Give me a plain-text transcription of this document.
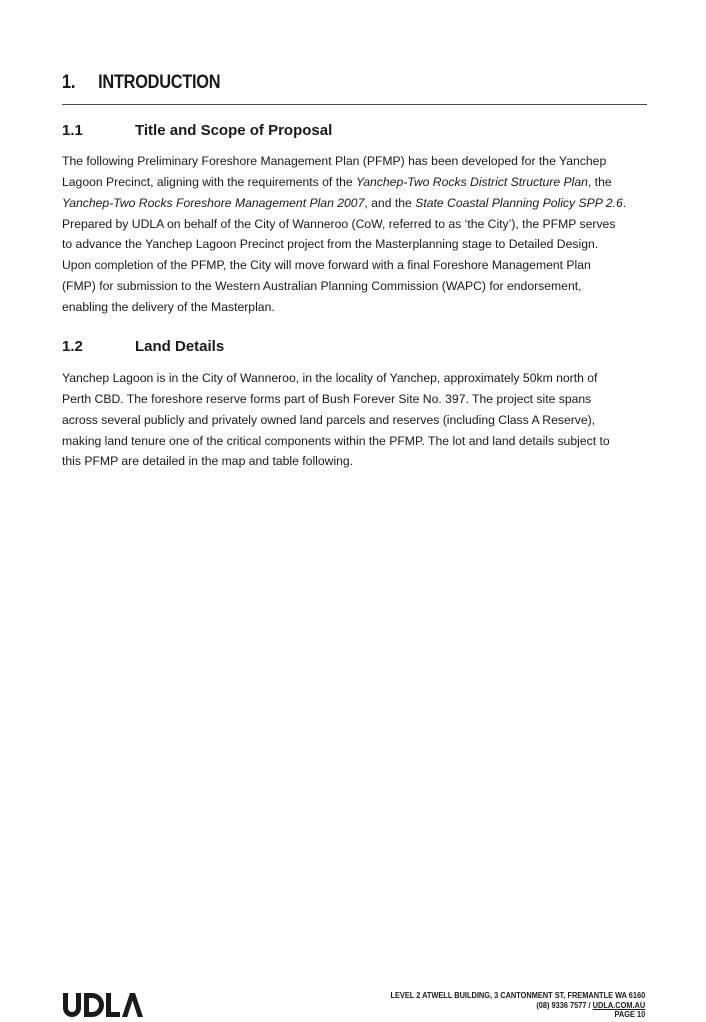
1. INTRODUCTION
1.1	Title and Scope of Proposal
The following Preliminary Foreshore Management Plan (PFMP) has been developed for the Yanchep
Lagoon Precinct, aligning with the requirements of the Yanchep-Two Rocks District Structure Plan, the
Yanchep-Two Rocks Foreshore Management Plan 2007, and the State Coastal Planning Policy SPP 2.6.
Prepared by UDLA on behalf of the City of Wanneroo (CoW, referred to as ‘the City’), the PFMP serves
to advance the Yanchep Lagoon Precinct project from the Masterplanning stage to Detailed Design.
Upon completion of the PFMP, the City will move forward with a final Foreshore Management Plan
(FMP) for submission to the Western Australian Planning Commission (WAPC) for endorsement,
enabling the delivery of the Masterplan.
1.2	Land Details
Yanchep Lagoon is in the City of Wanneroo, in the locality of Yanchep, approximately 50km north of
Perth CBD. The foreshore reserve forms part of Bush Forever Site No. 397. The project site spans
across several publicly and privately owned land parcels and reserves (including Class A Reserve),
making land tenure one of the critical components within the PFMP. The lot and land details subject to
this PFMP are detailed in the map and table following.
LEVEL 2 ATWELL BUILDING, 3 CANTONMENT ST, FREMANTLE WA 6160
(08) 9336 7577 / UDLA.COM.AU
PAGE 10
